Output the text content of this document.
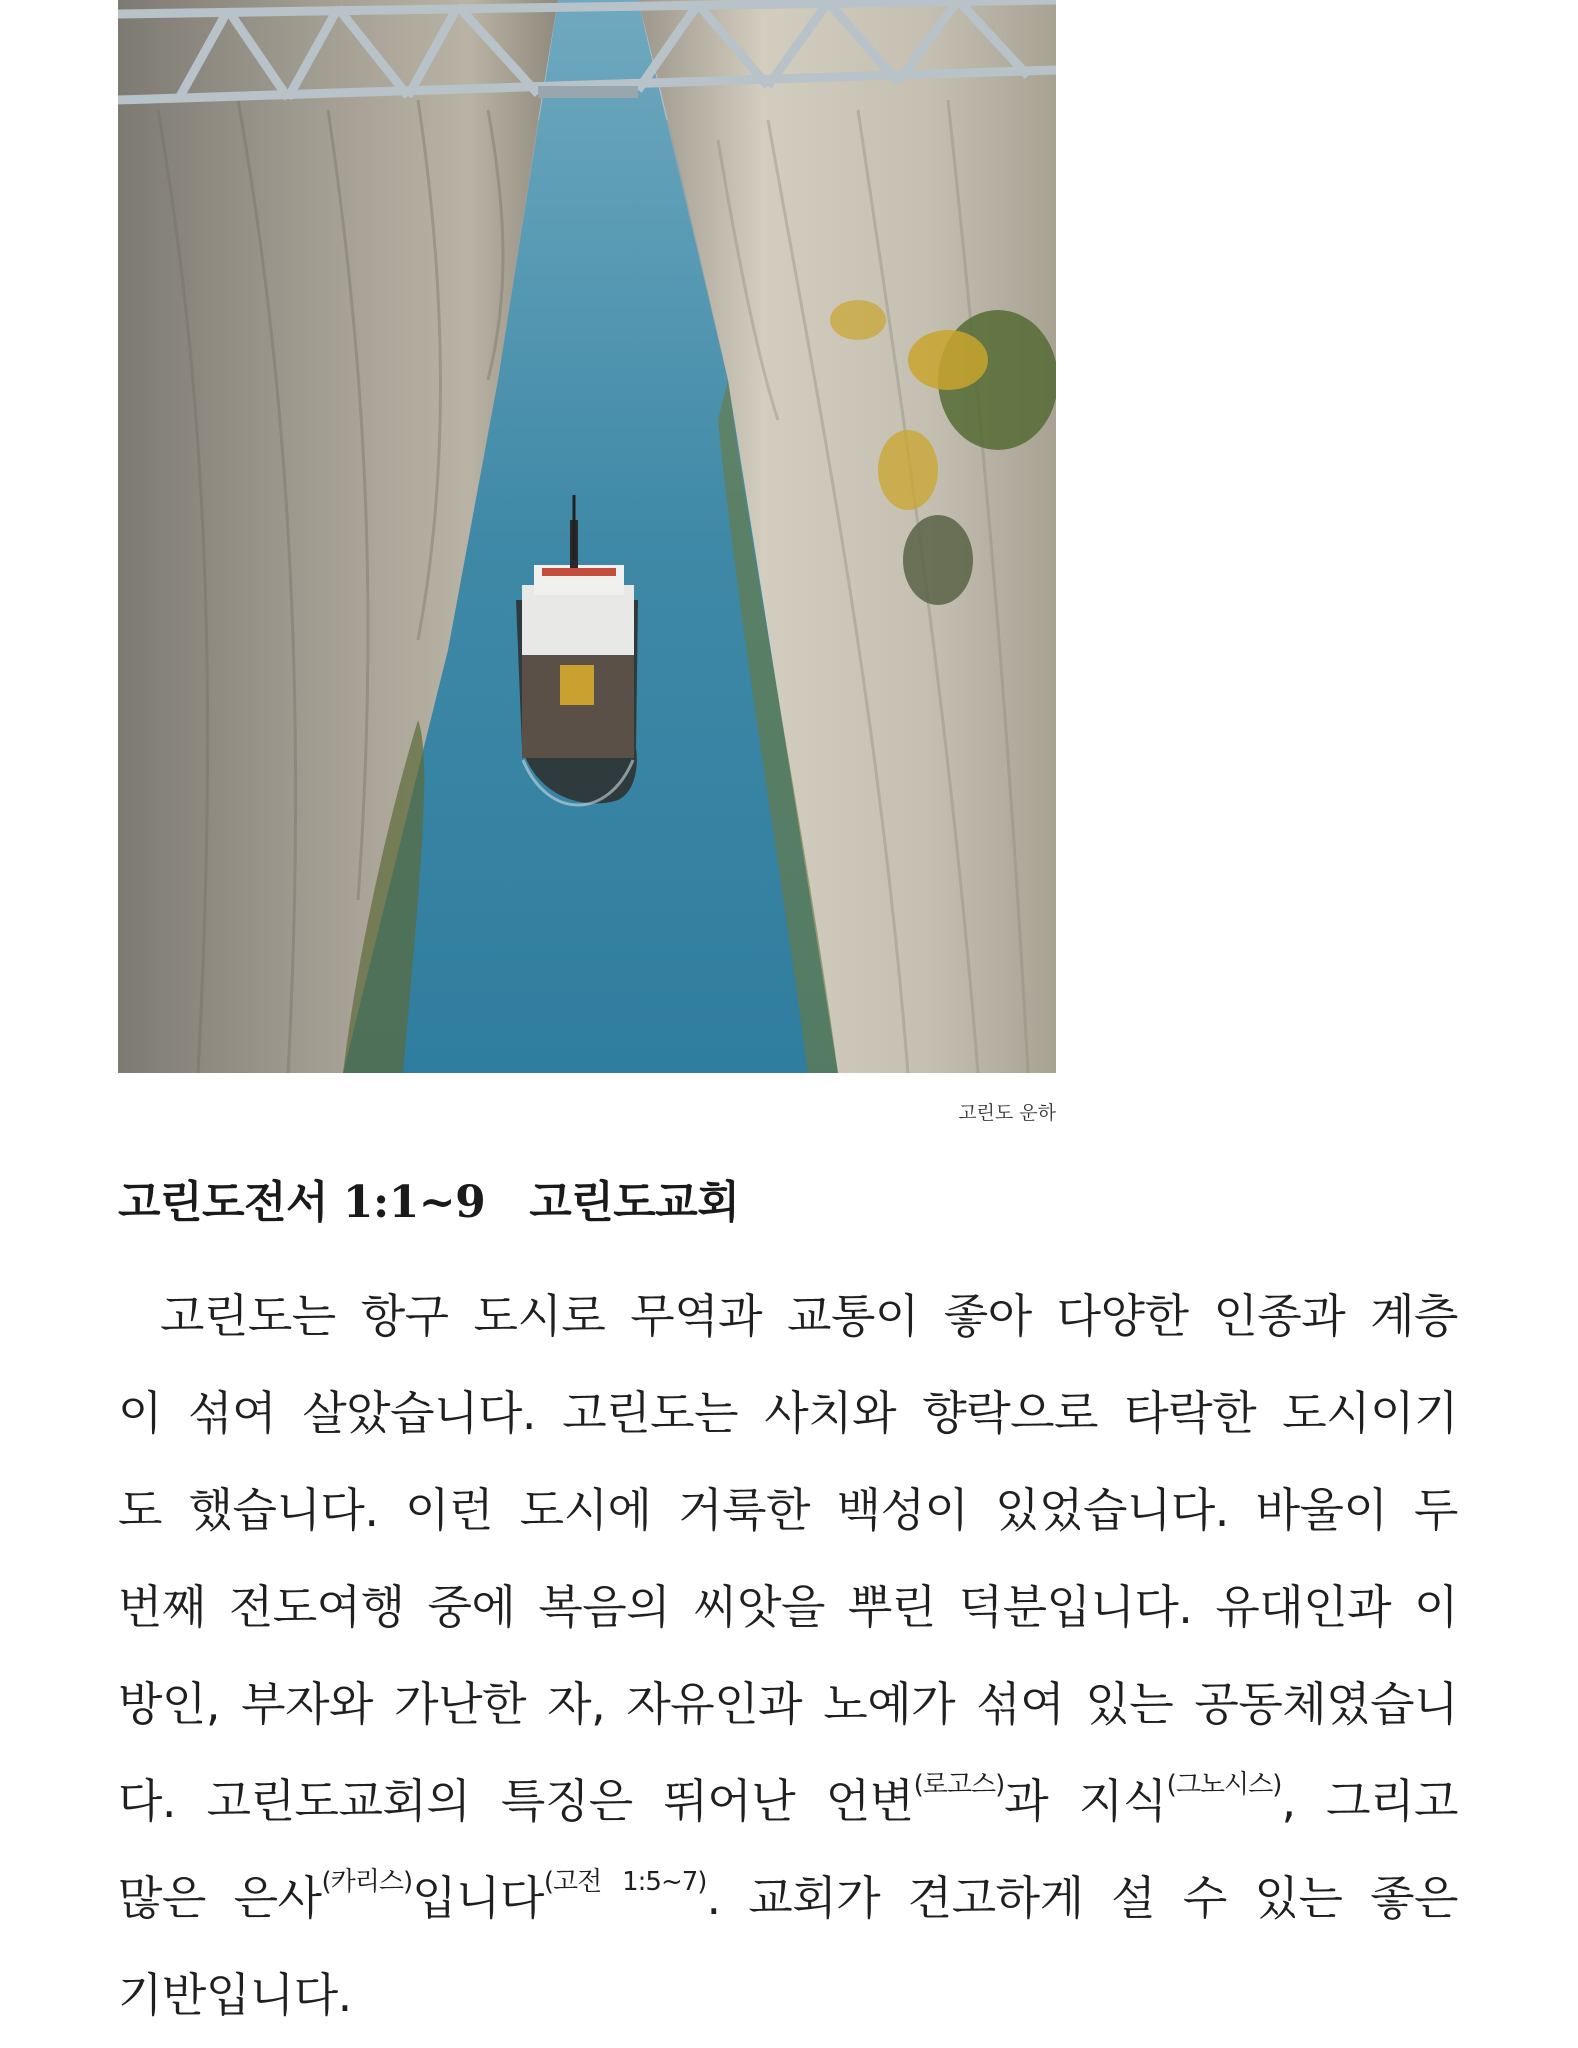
고린도 운하
고린도전서 1:1~9 고린도교회

고린도는 항구 도시로 무역과 교통이 좋아 다양한 인종과 계층이 섞여 살았습니다. 고린도는 사치와 향락으로 타락한 도시이기도 했습니다. 이런 도시에 거룩한 백성이 있었습니다. 바울이 두 번째 전도여행 중에 복음의 씨앗을 뿌린 덕분입니다. 유대인과 이방인, 부자와 가난한 자, 자유인과 노예가 섞여 있는 공동체였습니다. 고린도교회의 특징은 뛰어난 언변$^{(로고스)}$과 지식$^{(그노시스)}$, 그리고 많은 은사$^{(카리스)}$입니다$^{(고전 1:5\sim 7)}$. 교회가 견고하게 설 수 있는 좋은 기반입니다.
